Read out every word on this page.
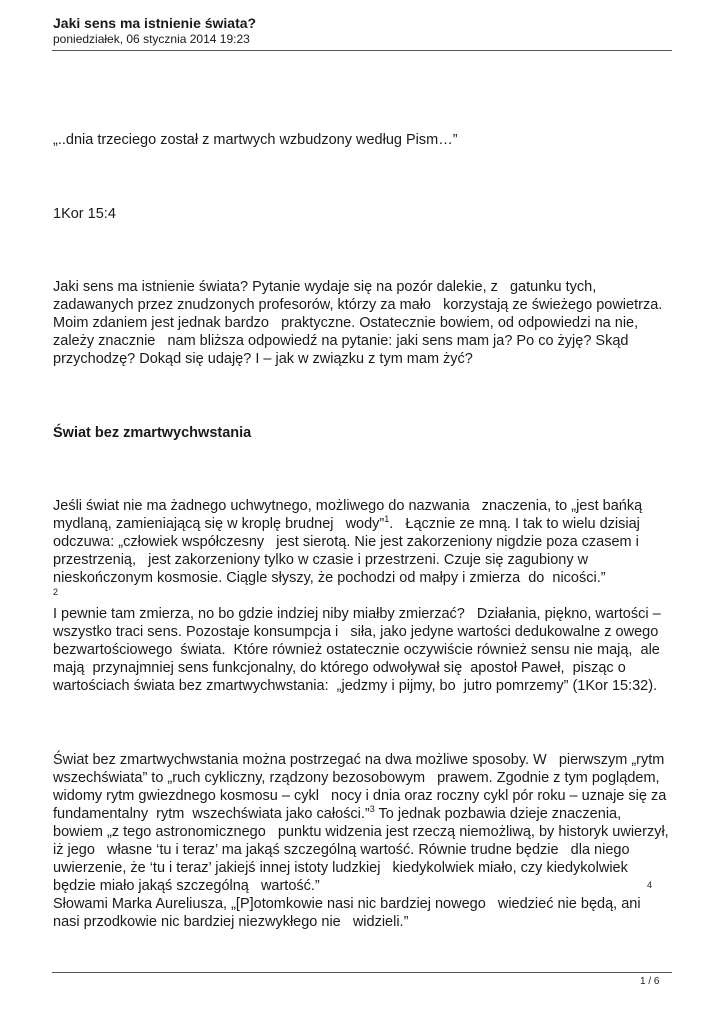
Jaki sens ma istnienie świata?
poniedziałek, 06 stycznia 2014 19:23
„..dnia trzeciego został z martwych wzbudzony według Pism…”
1Kor 15:4
Jaki sens ma istnienie świata? Pytanie wydaje się na pozór dalekie, z   gatunku tych,
zadawanych przez znudzonych profesorów, którzy za mało   korzystają ze świeżego powietrza.
Moim zdaniem jest jednak bardzo   praktyczne. Ostatecznie bowiem, od odpowiedzi na nie,
zależy znacznie   nam bliższa odpowiedź na pytanie: jaki sens mam ja? Po co żyję? Skąd
przychodzę? Dokąd się udaję? I – jak w związku z tym mam żyć?
Świat bez zmartwychwstania
Jeśli świat nie ma żadnego uchwytnego, możliwego do nazwania   znaczenia, to „jest bańką
mydlaną, zamieniającą się w kroplę brudnej   wody”$^1$.   Łącznie ze mną. I tak to wielu dzisiaj
odczuwa: „człowiek współczesny   jest sierotą. Nie jest zakorzeniony nigdzie poza czasem i
przestrzenią,   jest zakorzeniony tylko w czasie i przestrzeni. Czuje się zagubiony w
nieskończonym kosmosie. Ciągle słyszy, że pochodzi od małpy i zmierza  do  nicości.”
2
I pewnie tam zmierza, no bo gdzie indziej niby miałby zmierzać?   Działania, piękno, wartości –
wszystko traci sens. Pozostaje konsumpcja i   siła, jako jedyne wartości dedukowalne z owego
bezwartościowego  świata.  Które również ostatecznie oczywiście również sensu nie mają,  ale
mają  przynajmniej sens funkcjonalny, do którego odwoływał się  apostoł Paweł,  pisząc o
wartościach świata bez zmartwychwstania:  „jedzmy i pijmy, bo  jutro pomrzemy” (1Kor 15:32).
Świat bez zmartwychwstania można postrzegać na dwa możliwe sposoby. W   pierwszym „rytm
wszechświata” to „ruch cykliczny, rządzony bezosobowym   prawem. Zgodnie z tym poglądem,
widomy rytm gwiezdnego kosmosu – cykl   nocy i dnia oraz roczny cykl pór roku – uznaje się za
fundamentalny  rytm  wszechświata jako całości.”$^3$ To jednak pozbawia dzieje znaczenia,
bowiem „z tego astronomicznego   punktu widzenia jest rzeczą niemożliwą, by historyk uwierzył,
iż jego   własne ‘tu i teraz’ ma jakąś szczególną wartość. Równie trudne będzie   dla niego
uwierzenie, że ‘tu i teraz’ jakiejś innej istoty ludzkiej   kiedykolwiek miało, czy kiedykolwiek
będzie miało jakąś szczególną   wartość.”	4
Słowami Marka Aureliusza, „[P]otomkowie nasi nic bardziej nowego   wiedzieć nie będą, ani
nasi przodkowie nic bardziej niezwykłego nie   widzieli.”
1 / 6
